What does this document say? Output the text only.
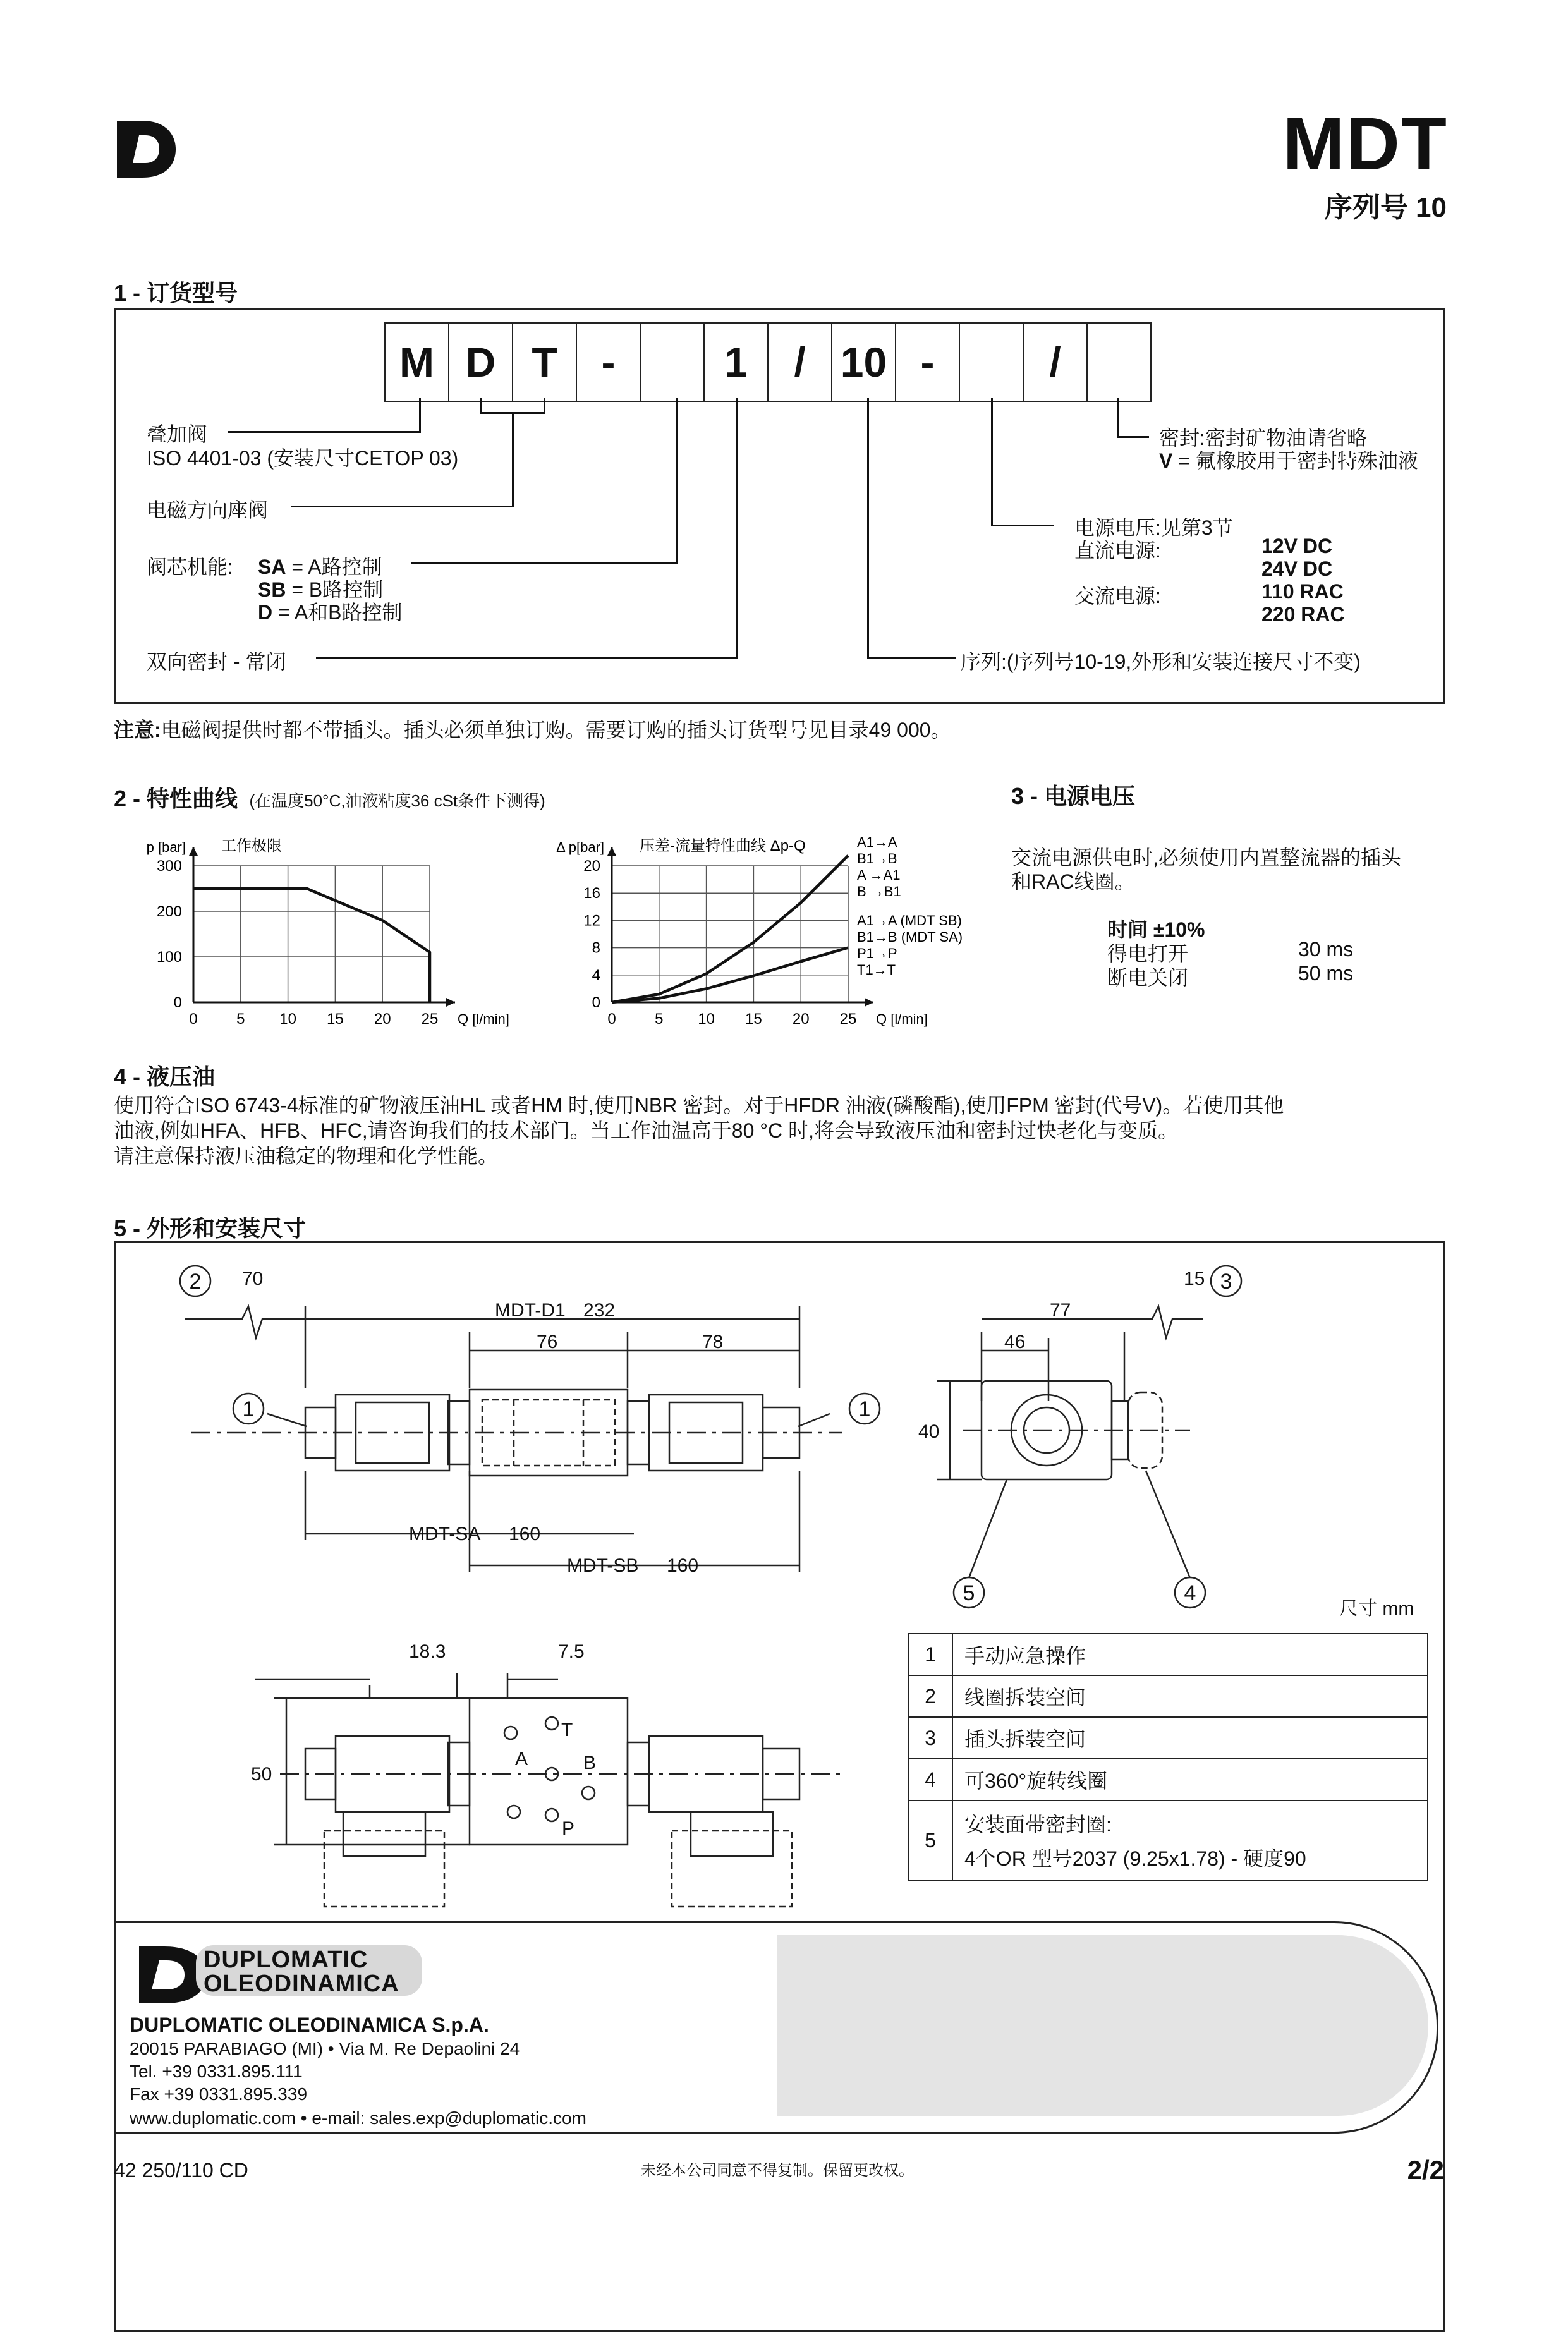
MDT
序列号 10
1 - 订货型号
M D T	-	1	/ 10 -	/
叠加阀
ISO 4401-03 (安装尺寸CETOP 03)
电磁方向座阀
阀芯机能: SA = A路控制
SB = B路控制
D = A和B路控制
双向密封 - 常闭
密封:密封矿物油请省略
V = 氟橡胶用于密封特殊油液
电源电压:见第3节
直流电源:	12V DC
24V DC
交流电源:	110 RAC
220 RAC
序列:(序列号10-19,外形和安装连接尺寸不变)
注意:电磁阀提供时都不带插头。插头必须单独订购。需要订购的插头订货型号见目录49 000。
2 - 特性曲线 (在温度50°C,油液粘度36 cSt条件下测得)
0	5 10 15 20 25
0
100
200
300
Q [l/min]
p [bar] 工作极限
0	5 10 15 20 25
0
4
8
12
16
20
Q [l/min]
Δ p[bar] 压差-流量特性曲线 Δp-Q	A1→A
B1→B
A →A1
B →B1
A1→A (MDT SB)
B1→B (MDT SA)
P1→P
T1→T
3 - 电源电压
交流电源供电时,必须使用内置整流器的插头
和RAC线圈。
时间 ±10%
得电打开	30 ms
断电关闭	50 ms
4 - 液压油
使用符合ISO 6743-4标准的矿物液压油HL 或者HM 时,使用NBR 密封。对于HFDR 油液(磷酸酯),使用FPM 密封(代号V)。若使用其他
油液,例如HFA、HFB、HFC,请咨询我们的技术部门。当工作油温高于80 °C 时,将会导致液压油和密封过快老化与变质。
请注意保持液压油稳定的物理和化学性能。
5 - 外形和安装尺寸
2	3
1	1
5	4
70	15
MDT-D1 232
76	78
77
46
40
MDT-SA 160
MDT-SB 160
18.3	7.5
50
T
A	B
P
尺寸 mm
1	手动应急操作
2	线圈拆装空间
3	插头拆装空间
4	可360°旋转线圈
5	安装面带密封圈:
4个OR 型号2037 (9.25x1.78) - 硬度90
DUPLOMATIC
OLEODINAMICA
DUPLOMATIC OLEODINAMICA S.p.A.
20015 PARABIAGO (MI) • Via M. Re Depaolini 24
Tel. +39 0331.895.111
Fax +39 0331.895.339
www.duplomatic.com • e-mail: sales.exp@duplomatic.com
42 250/110 CD	未经本公司同意不得复制。保留更改权。	2/2
